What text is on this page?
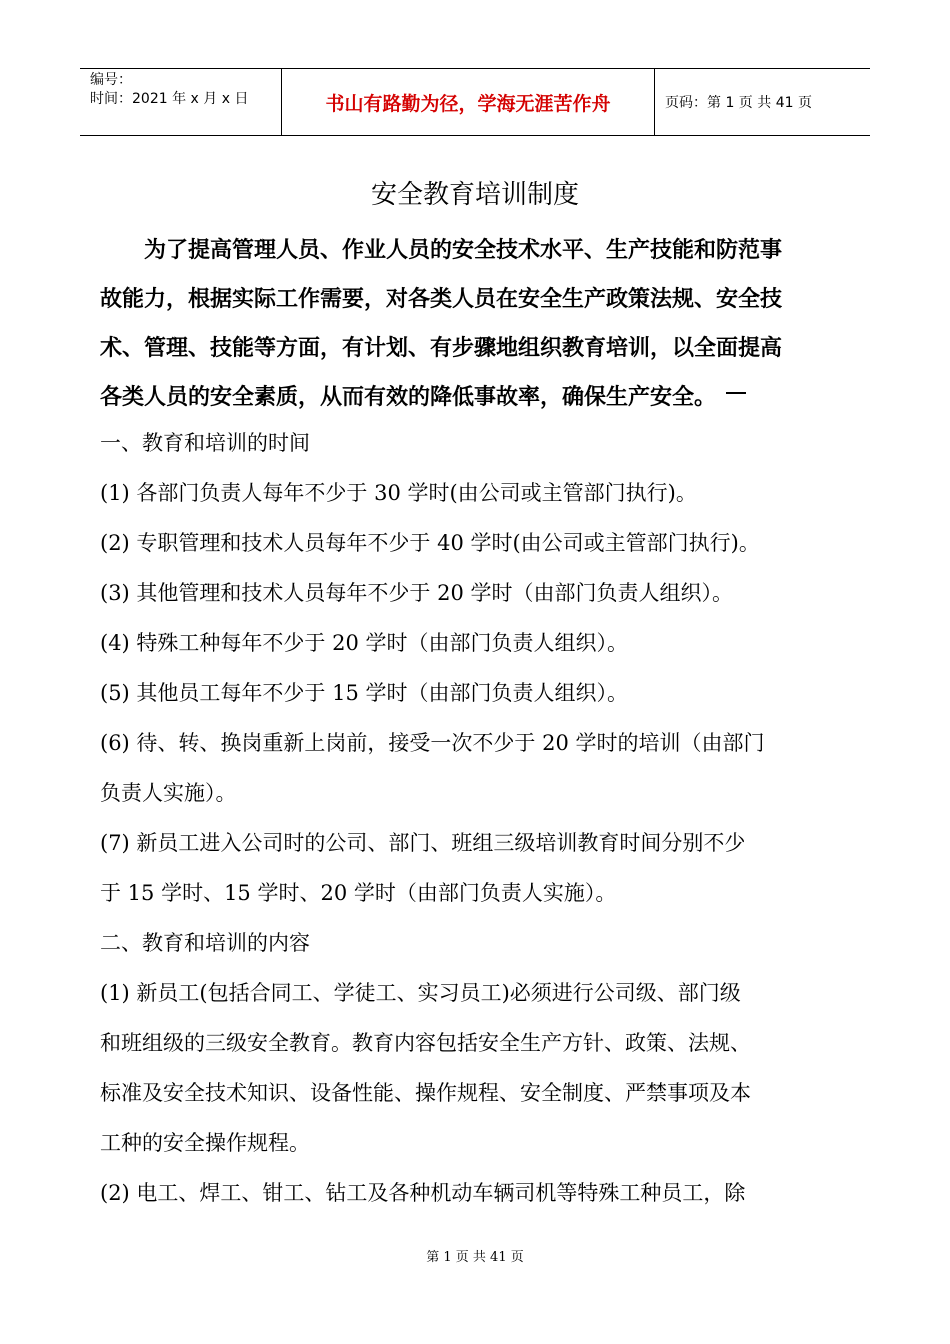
编号：
时间：2021 年 x 月 x 日	书山有路勤为径，学海无涯苦作舟	页码：第 1 页 共 41 页
安全教育培训制度
为了提高管理人员、作业人员的安全技术水平、生产技能和防范事
故能力，根据实际工作需要，对各类人员在安全生产政策法规、安全技
术、管理、技能等方面，有计划、有步骤地组织教育培训，以全面提高
各类人员的安全素质，从而有效的降低事故率，确保生产安全。
一、教育和培训的时间
(1) 各部门负责人每年不少于 30 学时(由公司或主管部门执行)。
(2) 专职管理和技术人员每年不少于 40 学时(由公司或主管部门执行)。
(3) 其他管理和技术人员每年不少于 20 学时（由部门负责人组织）。
(4) 特殊工种每年不少于 20 学时（由部门负责人组织）。
(5) 其他员工每年不少于 15 学时（由部门负责人组织）。
(6) 待、转、换岗重新上岗前，接受一次不少于 20 学时的培训（由部门
负责人实施）。
(7) 新员工进入公司时的公司、部门、班组三级培训教育时间分别不少
于 15 学时、15 学时、20 学时（由部门负责人实施）。
二、教育和培训的内容
(1) 新员工(包括合同工、学徒工、实习员工)必须进行公司级、部门级
和班组级的三级安全教育。教育内容包括安全生产方针、政策、法规、
标准及安全技术知识、设备性能、操作规程、安全制度、严禁事项及本
工种的安全操作规程。
(2) 电工、焊工、钳工、钻工及各种机动车辆司机等特殊工种员工，除
第 1 页 共 41 页
